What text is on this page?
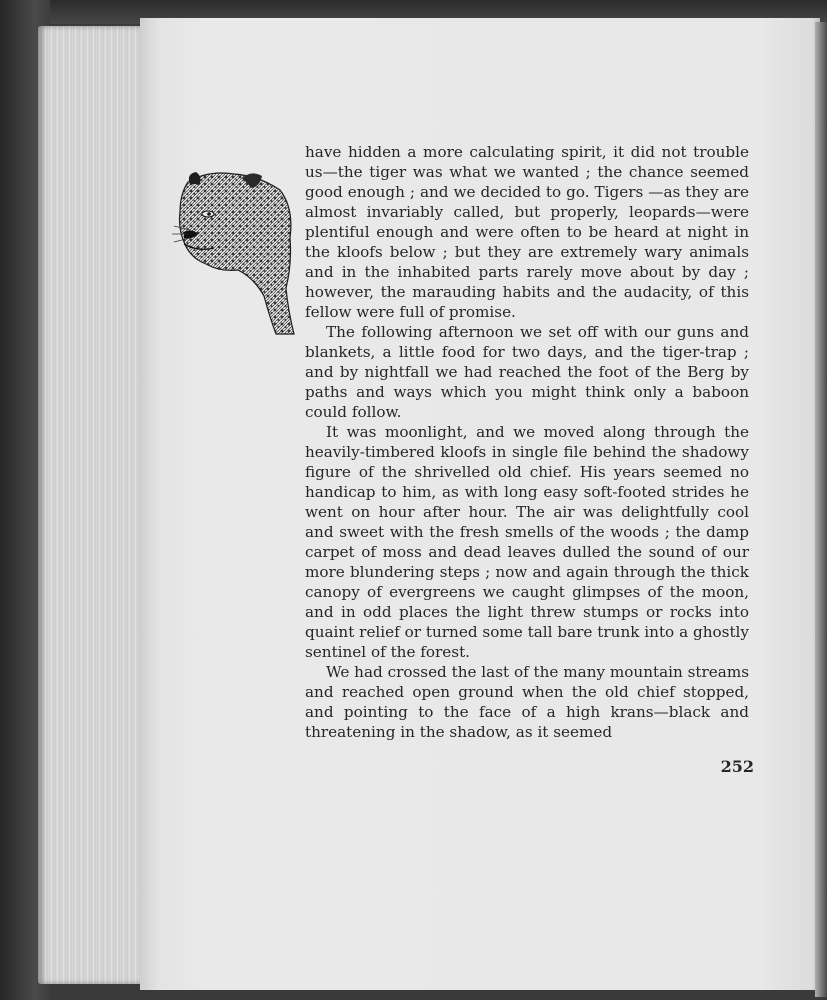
have hidden a more calculating spirit, it did not trouble us—the tiger was what we wanted ; the chance seemed good enough ; and we decided to go. Tigers —as they are almost invariably called, but properly, leopards—were plentiful enough and were often to be heard at night in the kloofs below ; but they are extremely wary animals and in the inhabited parts rarely move about by day ; however, the marauding habits and the audacity, of this fellow were full of promise.

The following afternoon we set off with our guns and blankets, a little food for two days, and the tiger-trap ; and by nightfall we had reached the foot of the Berg by paths and ways which you might think only a baboon could follow.

It was moonlight, and we moved along through the heavily-timbered kloofs in single file behind the shadowy figure of the shrivelled old chief. His years seemed no handicap to him, as with long easy soft-footed strides he went on hour after hour. The air was delightfully cool and sweet with the fresh smells of the woods ; the damp carpet of moss and dead leaves dulled the sound of our more blundering steps ; now and again through the thick canopy of evergreens we caught glimpses of the moon, and in odd places the light threw stumps or rocks into quaint relief or turned some tall bare trunk into a ghostly sentinel of the forest.

We had crossed the last of the many mountain streams and reached open ground when the old chief stopped, and pointing to the face of a high krans—black and threatening in the shadow, as it seemed

252
